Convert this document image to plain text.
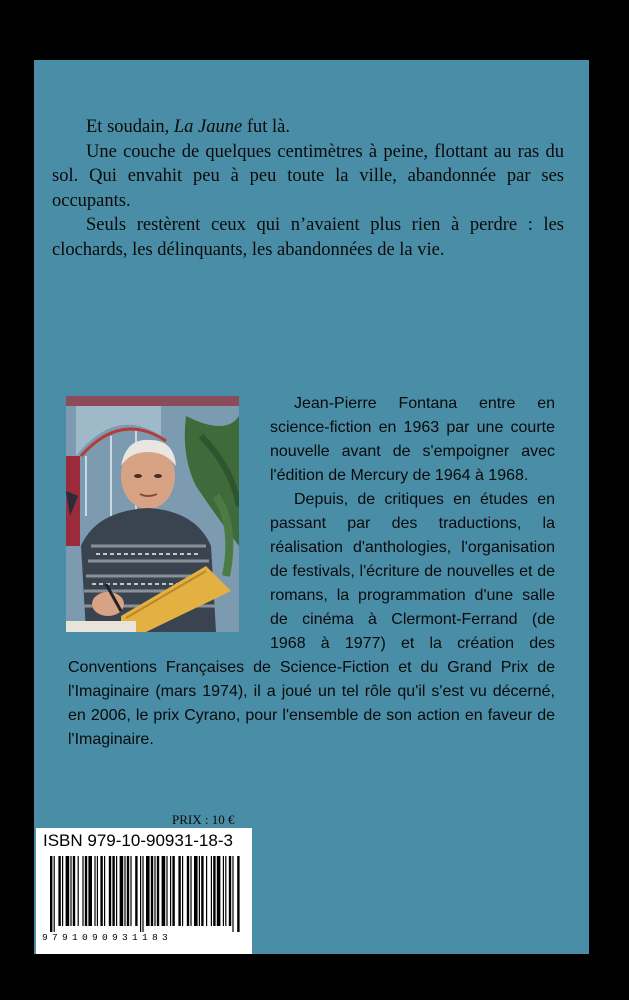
Et soudain, La Jaune fut là.

Une couche de quelques centimètres à peine, flottant au ras du sol. Qui envahit peu à peu toute la ville, abandonnée par ses occupants.

Seuls restèrent ceux qui n’avaient plus rien à perdre : les clochards, les délinquants, les abandonnées de la vie.

Jean-Pierre Fontana entre en science-fiction en 1963 par une courte nouvelle avant de s'empoigner avec l'édition de Mercury de 1964 à 1968.

Depuis, de critiques en études en passant par des traductions, la réalisation d'anthologies, l'organisation de festivals, l'écriture de nouvelles et de romans, la programmation d'une salle de cinéma à Clermont-Ferrand (de 1968 à 1977) et la création des Conventions Françaises de Science-Fiction et du Grand Prix de l'Imaginaire (mars 1974), il a joué un tel rôle qu'il s'est vu décerné, en 2006, le prix Cyrano, pour l'ensemble de son action en faveur de l'Imaginaire.

PRIX : 10 €
ISBN 979-10-90931-18-3
9791090931183
